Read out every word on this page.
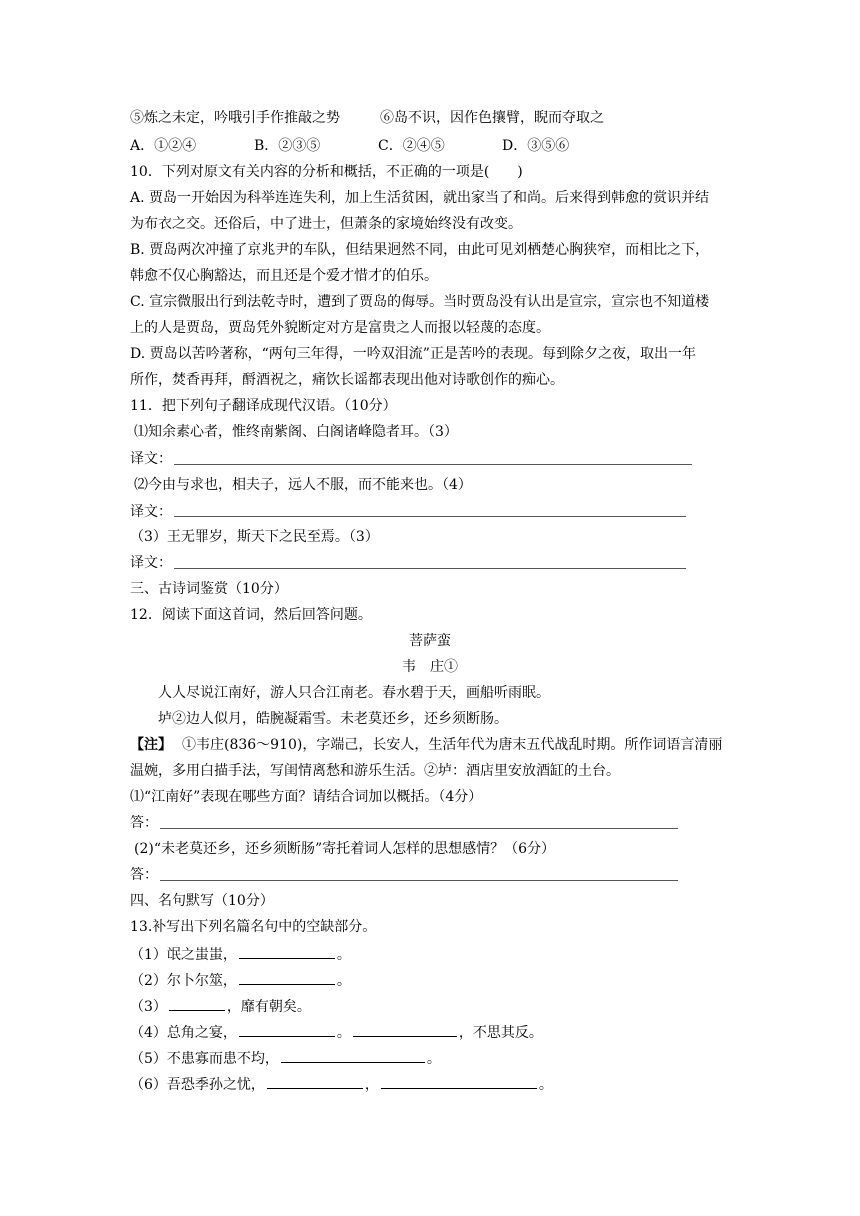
⑤炼之未定，吟哦引手作推敲之势	⑥岛不识，因作色攘臂，睨而夺取之
A．①②④	B．②③⑤	C．②④⑤	D．③⑤⑥
10．下列对原文有关内容的分析和概括，不正确的一项是(　　)
A. 贾岛一开始因为科举连连失利，加上生活贫困，就出家当了和尚。后来得到韩愈的赏识并结
为布衣之交。还俗后，中了进士，但萧条的家境始终没有改变。
B. 贾岛两次冲撞了京兆尹的车队，但结果迥然不同，由此可见刘栖楚心胸狭窄，而相比之下，
韩愈不仅心胸豁达，而且还是个爱才惜才的伯乐。
C. 宣宗微服出行到法乾寺时，遭到了贾岛的侮辱。当时贾岛没有认出是宣宗，宣宗也不知道楼
上的人是贾岛，贾岛凭外貌断定对方是富贵之人而报以轻蔑的态度。
D. 贾岛以苦吟著称，“两句三年得，一吟双泪流”正是苦吟的表现。每到除夕之夜，取出一年
所作，焚香再拜，酹酒祝之，痛饮长谣都表现出他对诗歌创作的痴心。
11．把下列句子翻译成现代汉语。（10分）
⑴知余素心者，惟终南紫阁、白阁诸峰隐者耳。（3）
译文：
⑵今由与求也，相夫子，远人不服，而不能来也。（4）
译文：
（3）王无罪岁，斯天下之民至焉。（3）
译文：
三、古诗词鉴赏（10分）
12．阅读下面这首词，然后回答问题。
菩萨蛮
韦　庄①
人人尽说江南好，游人只合江南老。春水碧于天，画船听雨眠。
垆②边人似月，皓腕凝霜雪。未老莫还乡，还乡须断肠。
【注】 ①韦庄(836～910)，字端己，长安人，生活年代为唐末五代战乱时期。所作词语言清丽
温婉，多用白描手法，写闺情离愁和游乐生活。②垆：酒店里安放酒缸的土台。
⑴“江南好”表现在哪些方面？请结合词加以概括。（4分）
答：
(2)“未老莫还乡，还乡须断肠”寄托着词人怎样的思想感情？（6分）
答：
四、名句默写（10分）
13.补写出下列名篇名句中的空缺部分。
（1）氓之蚩蚩，	。
（2）尔卜尔筮，	。
（3）	，靡有朝矣。
（4）总角之宴，	。	，不思其反。
（5）不患寡而患不均，	。
（6）吾恐季孙之忧，	，	。
